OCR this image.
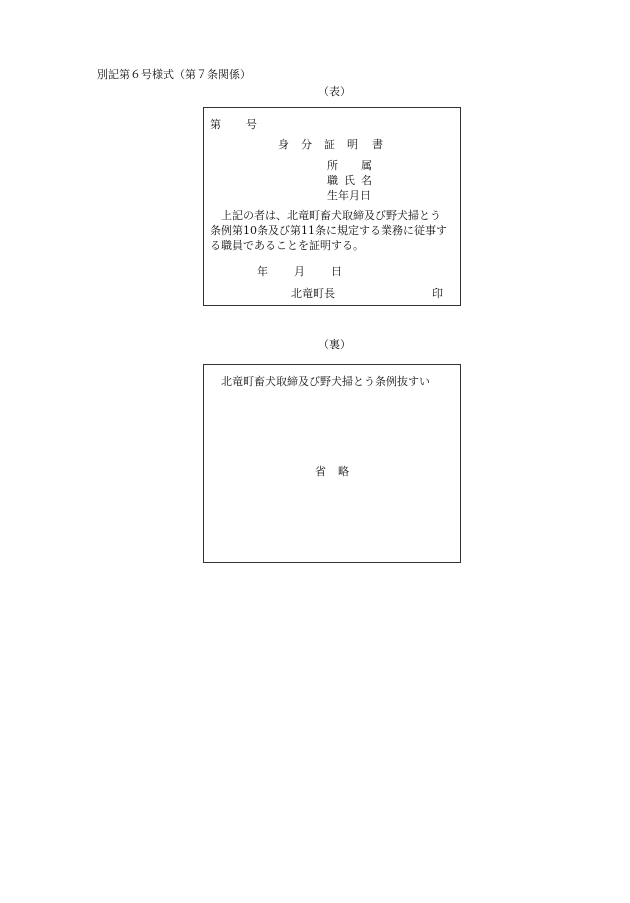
別記第６号様式（第７条関係）
（表）
第 号
身 分 証 明 書
所 属
職 氏 名
生年月日
　上記の者は、北竜町畜犬取締及び野犬掃とう
条例第10条及び第11条に規定する業務に従事す
る職員であることを証明する。
年 月 日
北竜町長	印
（裏）
北竜町畜犬取締及び野犬掃とう条例抜すい
省 略
